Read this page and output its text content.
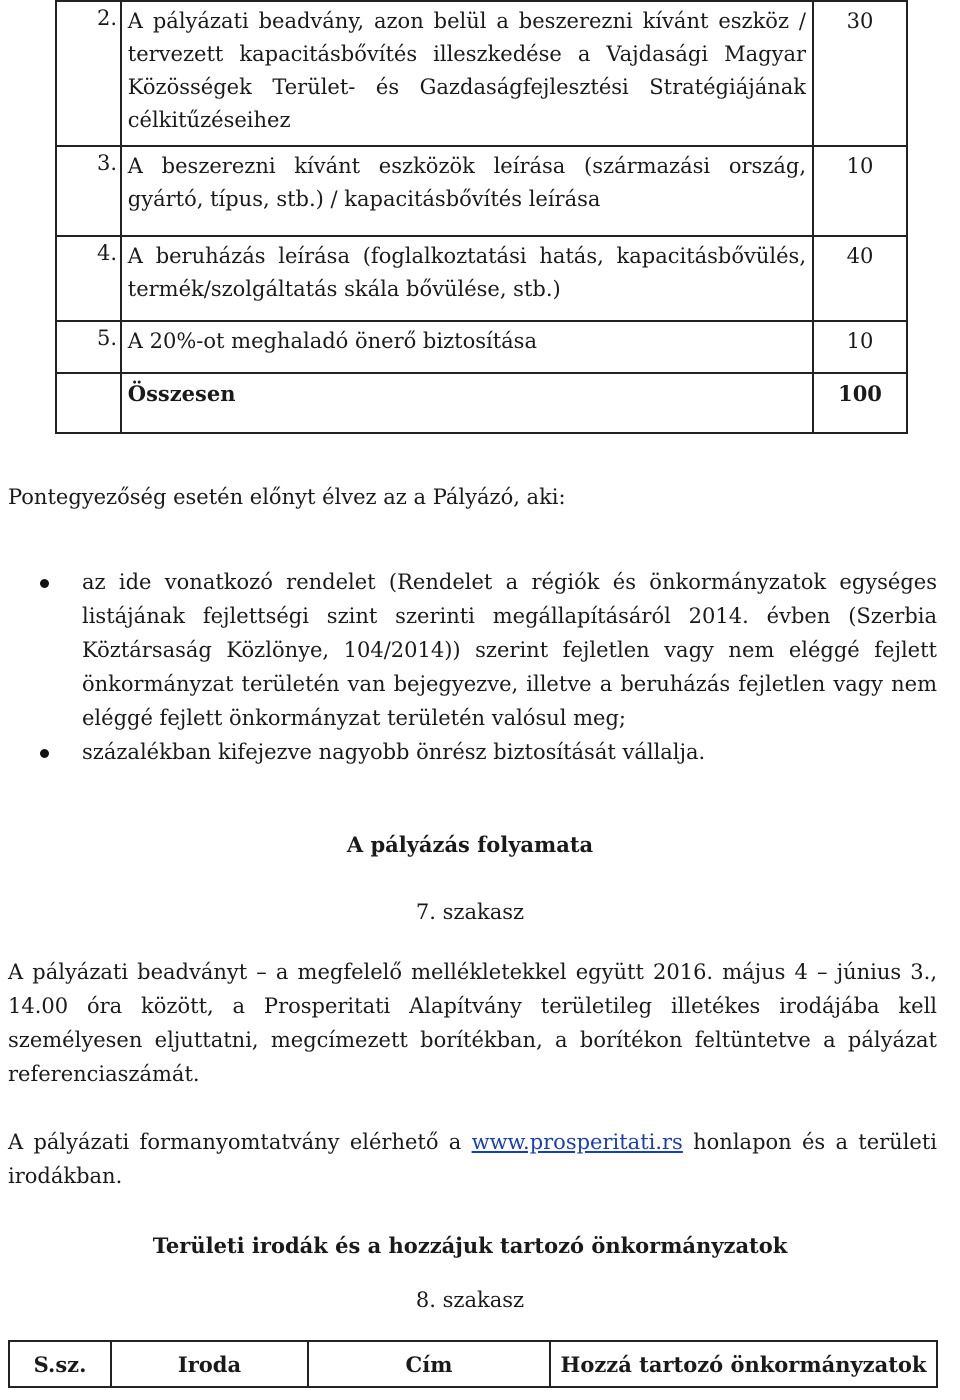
2.	A pályázati beadvány, azon belül a beszerezni kívánt eszköz / tervezett kapacitásbővítés illeszkedése a Vajdasági Magyar Közösségek Terület- és Gazdaságfejlesztési Stratégiájának célkitűzéseihez	30
3.	A beszerezni kívánt eszközök leírása (származási ország, gyártó, típus, stb.) / kapacitásbővítés leírása	10
4.	A beruházás leírása (foglalkoztatási hatás, kapacitásbővülés, termék/szolgáltatás skála bővülése, stb.)	40
5.	A 20%-ot meghaladó önerő biztosítása	10
	Összesen	100
Pontegyezőség esetén előnyt élvez az a Pályázó, aki:
az ide vonatkozó rendelet (Rendelet a régiók és önkormányzatok egységes listájának fejlettségi szint szerinti megállapításáról 2014. évben (Szerbia Köztársaság Közlönye, 104/2014)) szerint fejletlen vagy nem eléggé fejlett önkormányzat területén van bejegyezve, illetve a beruházás fejletlen vagy nem eléggé fejlett önkormányzat területén valósul meg;
százalékban kifejezve nagyobb önrész biztosítását vállalja.
A pályázás folyamata
7. szakasz
A pályázati beadványt – a megfelelő mellékletekkel együtt 2016. május 4 – június 3., 14.00 óra között, a Prosperitati Alapítvány területileg illetékes irodájába kell személyesen eljuttatni, megcímezett borítékban, a borítékon feltüntetve a pályázat referenciaszámát.
A pályázati formanyomtatvány elérhető a www.prosperitati.rs honlapon és a területi irodákban.
Területi irodák és a hozzájuk tartozó önkormányzatok
8. szakasz
S.sz.	Iroda	Cím	Hozzá tartozó önkormányzatok
